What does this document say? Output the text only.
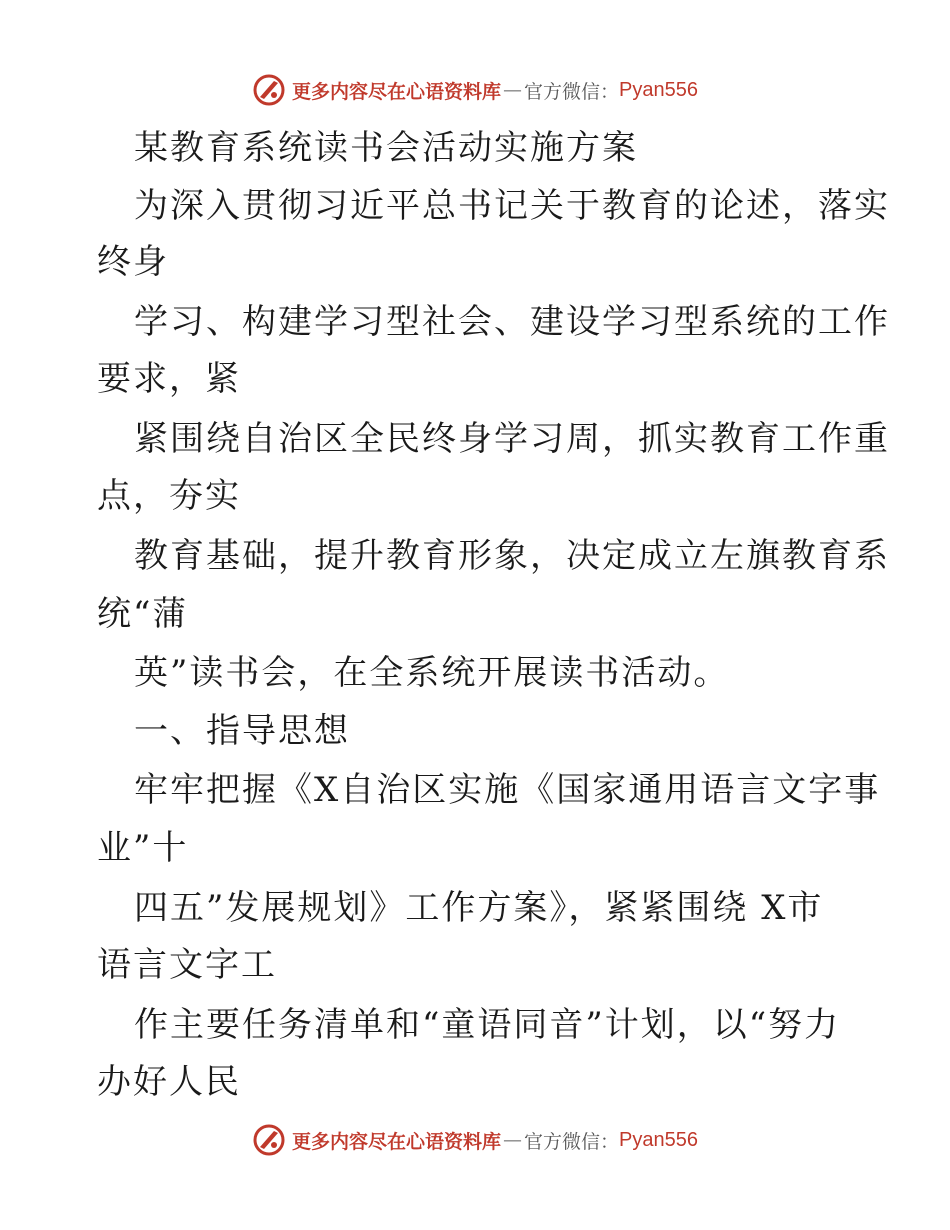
更多内容尽在心语资料库 — 官方微信： Pyan556
某教育系统读书会活动实施方案
为深入贯彻习近平总书记关于教育的论述，落实
终身
学习、构建学习型社会、建设学习型系统的工作
要求，紧
紧围绕自治区全民终身学习周，抓实教育工作重
点，夯实
教育基础，提升教育形象，决定成立左旗教育系
统“蒲
英”读书会，在全系统开展读书活动。
一、指导思想
牢牢把握《X自治区实施《国家通用语言文字事
业”十
四五”发展规划》工作方案》，紧紧围绕 X市
语言文字工
作主要任务清单和“童语同音”计划，以“努力
办好人民
更多内容尽在心语资料库 — 官方微信： Pyan556
